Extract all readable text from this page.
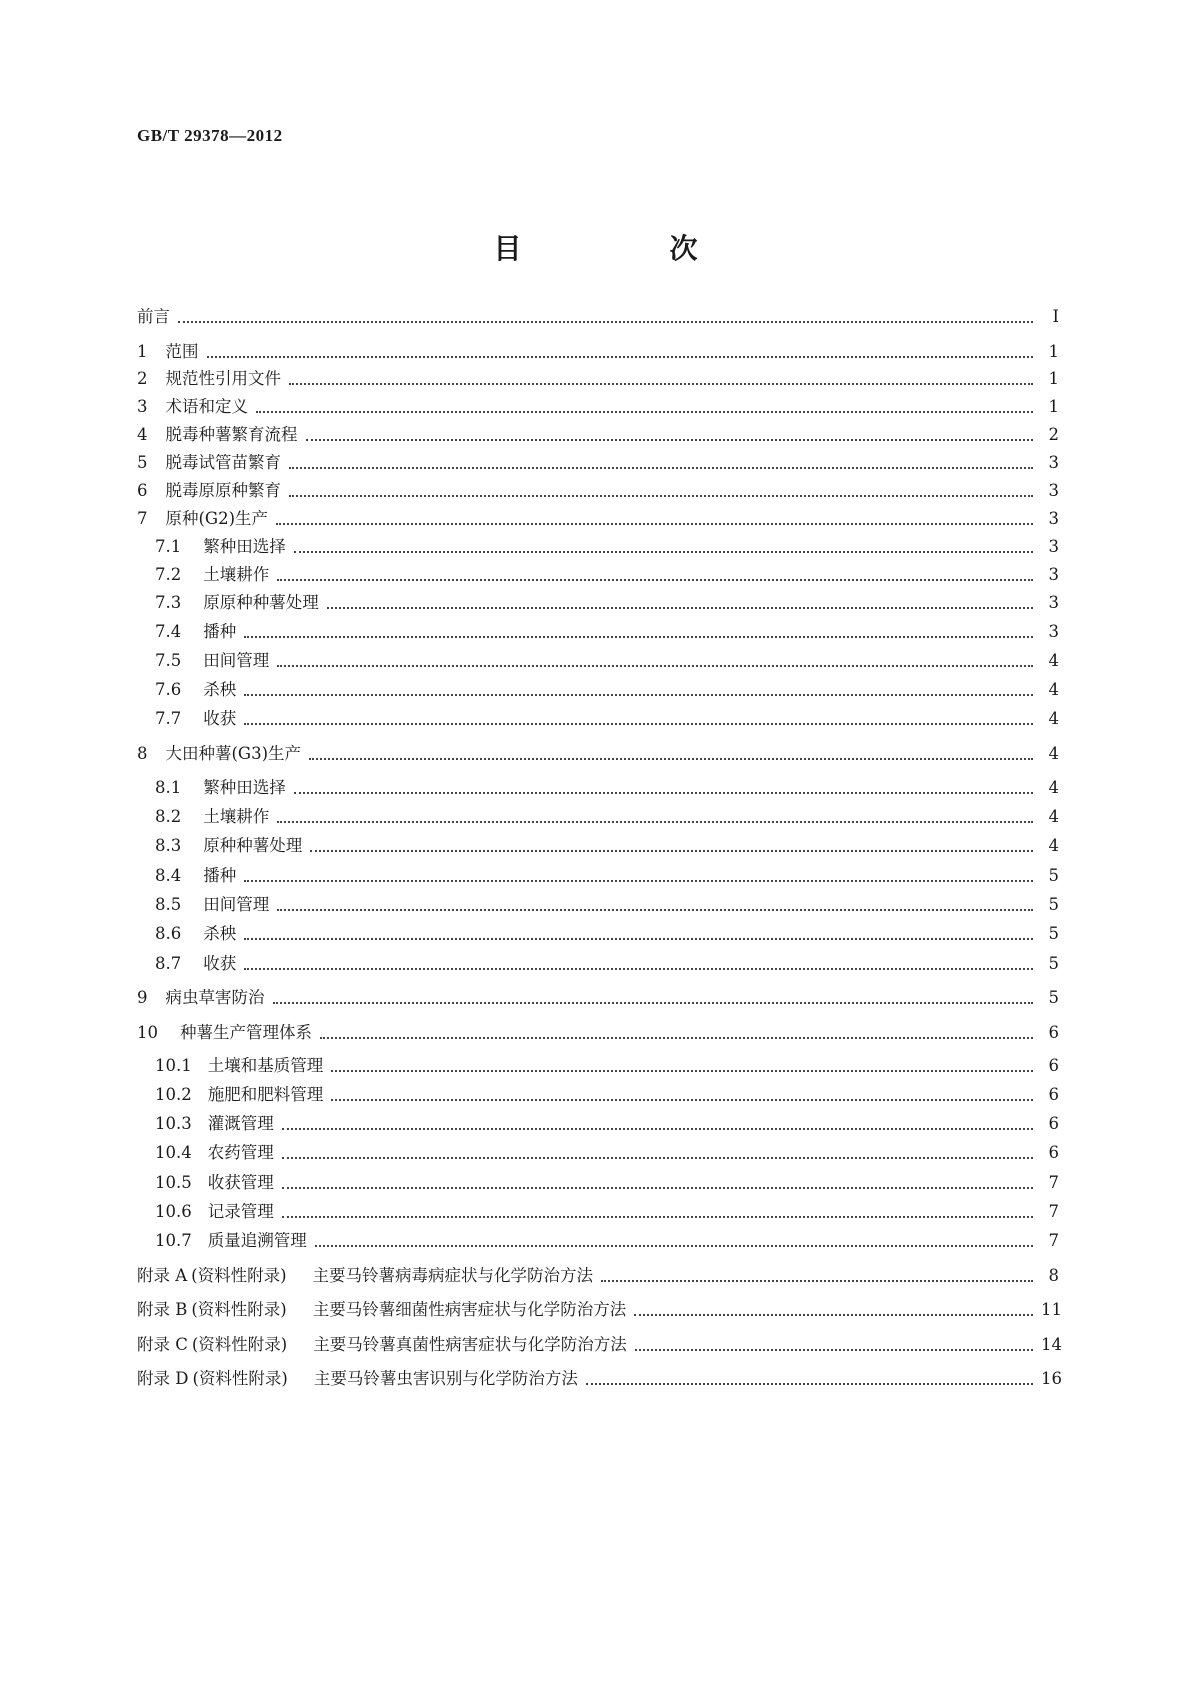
GB/T 29378—2012
目　次
前言	Ⅰ
1 范围	1
2 规范性引用文件	1
3 术语和定义	1
4 脱毒种薯繁育流程	2
5 脱毒试管苗繁育	3
6 脱毒原原种繁育	3
7 原种(G2)生产	3
7.1 繁种田选择	3
7.2 土壤耕作	3
7.3 原原种种薯处理	3
7.4 播种	3
7.5 田间管理	4
7.6 杀秧	4
7.7 收获	4
8 大田种薯(G3)生产	4
8.1 繁种田选择	4
8.2 土壤耕作	4
8.3 原种种薯处理	4
8.4 播种	5
8.5 田间管理	5
8.6 杀秧	5
8.7 收获	5
9 病虫草害防治	5
10 种薯生产管理体系	6
10.1 土壤和基质管理	6
10.2 施肥和肥料管理	6
10.3 灌溉管理	6
10.4 农药管理	6
10.5 收获管理	7
10.6 记录管理	7
10.7 质量追溯管理	7
附录 A (资料性附录) 主要马铃薯病毒病症状与化学防治方法	8
附录 B (资料性附录) 主要马铃薯细菌性病害症状与化学防治方法	11
附录 C (资料性附录) 主要马铃薯真菌性病害症状与化学防治方法	14
附录 D (资料性附录) 主要马铃薯虫害识别与化学防治方法	16
